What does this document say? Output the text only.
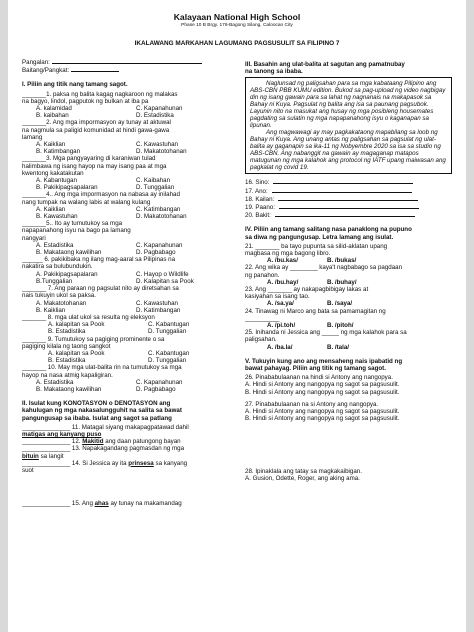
Kalayaan National High School
Phase 10 B Brgy. 176-Bagong Silang, Caloocan City
IKALAWANG MARKAHAN LAGUMANG PAGSUSULIT SA FILIPINO 7
Pangalan:
Baitang/Pangkat:
I. Piliin ang titik nang tamang sagot.
_______1. paksa ng balita kagag nagkaroon ng malakas
na bagyo, lindol, pagputok ng bulkan at iba pa
A. kalamidad	C. Kapanahunan
B. kaibahan	D. Estadistika
_______2. Ang mga impormasyon ay tunay at aktuwal
na nagmula sa paligid komunidad at hindi gawa-gawa
lamang
A. Kaiklian	C. Kawastuhan
B. Katimbangan	D. Makatotohanan
_______3. Mga pangyayaring di karaniwan tulad
halimbawa ng isang hayop na may isang paa at mga
kwentong kakatakutan
A. Kabantugan	C. Kaibahan
B. Pakikipagsapalaran	D. Tunggalian
_______4.. Ang mga impormasyon na nabasa ay inilahad
nang tumpak na walang labis at walang kulang
A. Kaiklian	C. Katimbangan
B. Kawastuhan	D. Makatotohanan
_______5.. Ito ay tumutukoy sa mga
napapanahong isyu na bago pa lamang
nangyari
A. Estadistika	C. Kapanahunan
B. Makataong kawilihan	D. Pagbabago
______ 6. pakikibaka ng ilang mag-aaral sa Pilipinas na
nakatira sa bulubundukin.
A. Pakikipagsapalaran	C. Hayop o Wildlife
B.Tunggalian	D. Kalapitan sa Pook
_______ 7. Ang paraan ng pagsulat nito ay diretsahan sa
nais tukuyin ukol sa paksa.
A. Makatotohanan	C. Kawastuhan
B. Kaiklian	D. Katimbangan
_______ 8. mga ulat ukol sa resulta ng eleksyon
A. kalapitan sa Pook	C. Kabantugan
B. Estadistika	D. Tunggalian
_______ 9. Tumutukoy sa pagiging prominente o sa
pagiging kilala ng taong sangkot
A. kalapitan sa Pook	C. Kabantugan
B. Estadistika	D. Tunggalian
_______ 10. May mga ulat-balita rin na tumutukoy sa mga
hayop na nasa atmig kapaligiran.
A. Estadistika	C. Kapanahunan
B. Makataong kawilihan	D. Pagbabago
II. Isulat kung KONOTASYON o DENOTASYON ang
kahulugan ng mga nakasalungguhit na salita sa bawat
pangungusap sa ibaba. Isulat ang sagot sa patlang
______________ 11. Matagal siyang makapagpatawad dahil
matigas ang kanyang puso
______________ 12. Makitid ang daan patungong bayan
______________ 13. Napakagandang pagmasdan ng mga
bituin sa langit
______________ 14. Si Jessica ay ita prinsesa sa kanyang
suot
______________ 15. Ang ahas ay tunay na makamandag
III. Basahin ang ulat-balita at sagutan ang pamatnubay
na tanong sa ibaba.
Naglunsad ng paligsahan para sa mga kabataang Pilipino ang ABS-CBN PBB KUMU edition. Bukod sa pag-upload ng video nagbigay din ng isang gawain para sa lahat ng nagnanais na makapasok sa Bahay ni Kuya. Pagsulat ng balita ang isa sa paunang pagsubok. Layunin nito na masukat ang husay ng mga posibleng housemates pagdating sa sulatin ng mga napapanahong isyu o kaganapan sa lipunan.
Ang magwawagi ay may pagkakataong mapabilang sa loob ng Bahay ni Kuya. Ang unang antas ng paligsahan sa pagsulat ng ulat-balita ay gaganapin sa ika-11 ng Nobyembre 2020 sa isa sa studio ng ABS-CBN. Ang nabanggit na gawain ay magaganap matapos matugunan ng mga kalahok ang protocol ng IATF upang maiwasan ang pagkalat ng covid 19.
16. Sino:
17. Ano:
18. Kailan:
19. Paano:
20. Bakit:
IV. Piliin ang tamang salitang nasa panaklong na pupuno
sa diwa ng pangungusap. Letra lamang ang isulat.
21. _______ ba tayo pupunta sa silid-aklatan upang
magbasa ng mga bagong libro.
A. /bu.kas/	B. /bukas/
22. Ang wika ay ________ kaya't nagbabago sa pagdaan
ng panahon.
A. /bu.hay/	B. /buhay/
23. Ang _______ ay nakapagbibigay lakas at
kasiyahan sa isang tao.
A. /sa.ya/	B. /saya/
24. Tinawag ni Marco ang bata sa pamamagitan ng
__________
A. /pi.toh/	B. /pitoh/
25. Inihanda ni Jessica ang _____ ng mga kalahok para sa
paligsahan.
A. /ba.la/	B. /tala/
V. Tukuyin kung ano ang mensaheng nais ipabatid ng
bawat pahayag. Piliin ang titik ng tamang sagot.
26. Pinababulaanan na hindi si Antony ang nangopya.
A. Hindi si Antony ang nangopya ng sagot sa pagsusulit.
B. Hindi si Antony ang nangopya ng sagot sa pagsusulit.
27. Pinababulaanan na si Antony ang nangopya.
A. Hindi si Antony ang nangopya ng sagot sa pagsusulit.
B. Hindi si Antony ang nangopya ng sagot sa pagsusulit.
28. Ipinaklala ang tatay sa magkakaibigan.
A. Gusion, Odette, Roger, ang aking ama.
